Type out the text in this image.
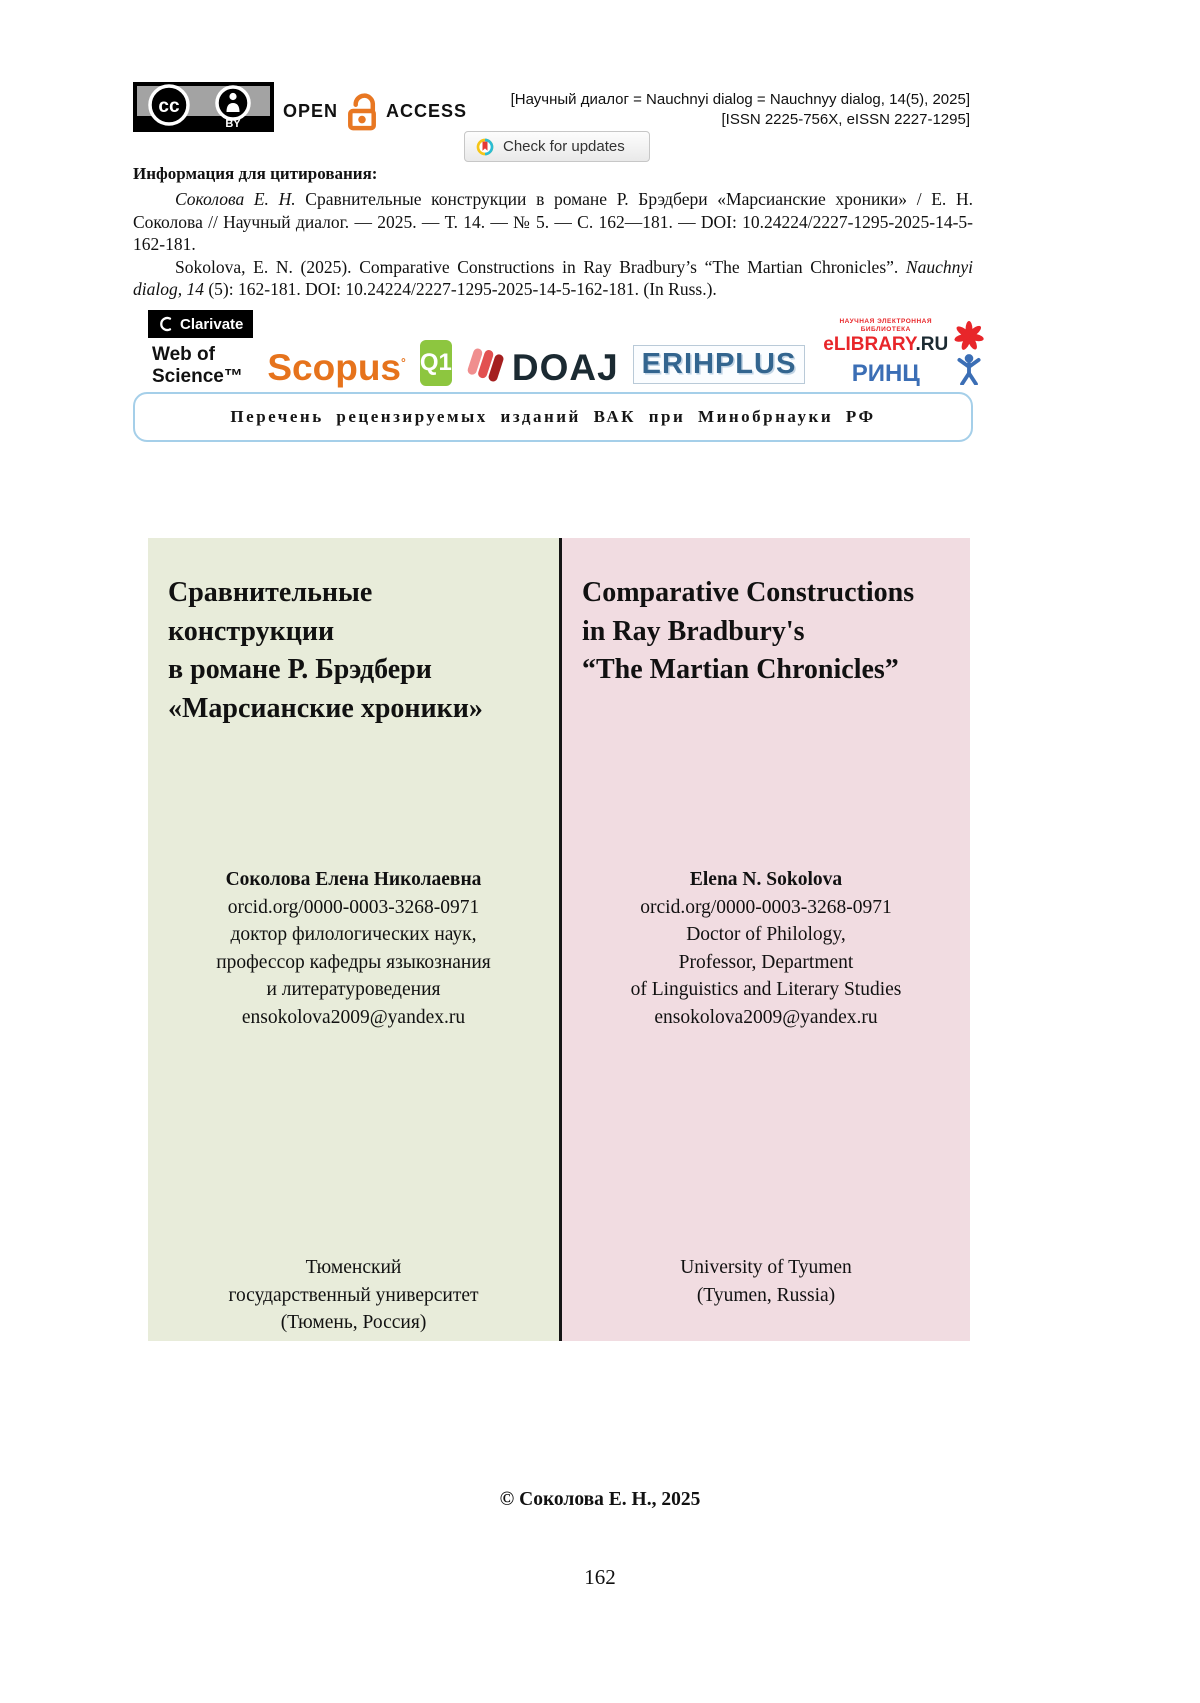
cc
BY
OPEN	ACCESS
[Научный диалог = Nauchnyi dialog = Nauchnyy dialog, 14(5), 2025]
[ISSN 2225-756X, eISSN 2227-1295]
Check for updates
Информация для цитирования:

Соколова Е. Н. Сравнительные конструкции в романе Р. Брэдбери «Марсианские хроники» / Е. Н. Соколова // Научный диалог. — 2025. — Т. 14. — № 5. — С. 162—181. — DOI: 10.24224/2227-1295-2025-14-5-162-181.

Sokolova, E. N. (2025). Comparative Constructions in Ray Bradbury’s “The Martian Chronicles”. Nauchnyi dialog, 14 (5): 162-181. DOI: 10.24224/2227-1295-2025-14-5-162-181. (In Russ.).

Clarivate
Web of Science™ Scopus° Q1 DOAJ ERIHPLUS
НАУЧНАЯ ЭЛЕКТРОННАЯ
БИБЛИОТЕКА
eLIBRARY.RU
РИНЦ
Перечень рецензируемых изданий ВАК при Минобрнауки РФ
Сравнительные
конструкции
в романе Р. Брэдбери
«Марсианские хроники»
Соколова Елена Николаевна
orcid.org/0000-0003-3268-0971
доктор филологических наук,
профессор кафедры языкознания
и литературоведения
ensokolova2009@yandex.ru
Тюменский
государственный университет
(Тюмень, Россия)
Comparative Constructions
in Ray Bradbury's
“The Martian Chronicles”
Elena N. Sokolova
orcid.org/0000-0003-3268-0971
Doctor of Philology,
Professor, Department
of Linguistics and Literary Studies
ensokolova2009@yandex.ru
University of Tyumen
(Tyumen, Russia)
© Соколова Е. Н., 2025
162
